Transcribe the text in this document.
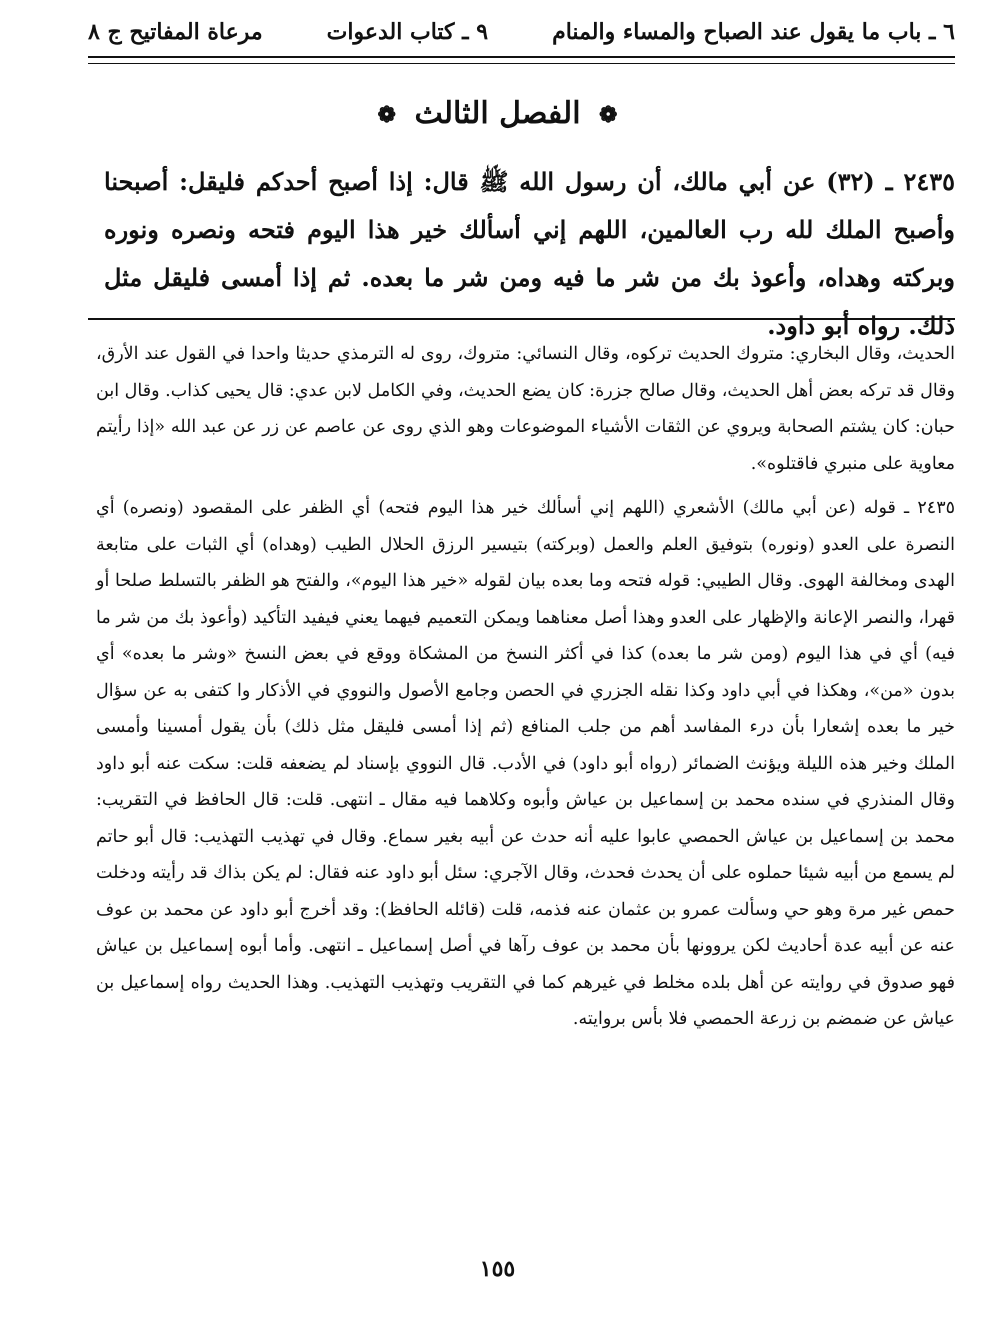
مرعاة المفاتيح ج ٨	٩ ـ كتاب الدعوات	٦ ـ باب ما يقول عند الصباح والمساء والمنام
❁ الفصل الثالث ❁

٢٤٣٥ ـ (٣٢) عن أبي مالك، أن رسول الله ﷺ قال: إذا أصبح أحدكم فليقل: أصبحنا وأصبح الملك لله رب العالمين، اللهم إني أسألك خير هذا اليوم فتحه ونصره ونوره وبركته وهداه، وأعوذ بك من شر ما فيه ومن شر ما بعده. ثم إذا أمسى فليقل مثل ذلك. رواه أبو داود.

الحديث، وقال البخاري: متروك الحديث تركوه، وقال النسائي: متروك، روى له الترمذي حديثا واحدا في القول عند الأرق، وقال قد تركه بعض أهل الحديث، وقال صالح جزرة: كان يضع الحديث، وفي الكامل لابن عدي: قال يحيى كذاب. وقال ابن حبان: كان يشتم الصحابة ويروي عن الثقات الأشياء الموضوعات وهو الذي روى عن عاصم عن زر عن عبد الله «إذا رأيتم معاوية على منبري فاقتلوه».

٢٤٣٥ ـ قوله (عن أبي مالك) الأشعري (اللهم إني أسألك خير هذا اليوم فتحه) أي الظفر على المقصود (ونصره) أي النصرة على العدو (ونوره) بتوفيق العلم والعمل (وبركته) بتيسير الرزق الحلال الطيب (وهداه) أي الثبات على متابعة الهدى ومخالفة الهوى. وقال الطيبي: قوله فتحه وما بعده بيان لقوله «خير هذا اليوم»، والفتح هو الظفر بالتسلط صلحا أو قهرا، والنصر الإعانة والإظهار على العدو وهذا أصل معناهما ويمكن التعميم فيهما يعني فيفيد التأكيد (وأعوذ بك من شر ما فيه) أي في هذا اليوم (ومن شر ما بعده) كذا في أكثر النسخ من المشكاة ووقع في بعض النسخ «وشر ما بعده» أي بدون «من»، وهكذا في أبي داود وكذا نقله الجزري في الحصن وجامع الأصول والنووي في الأذكار وا كتفى به عن سؤال خير ما بعده إشعارا بأن درء المفاسد أهم من جلب المنافع (ثم إذا أمسى فليقل مثل ذلك) بأن يقول أمسينا وأمسى الملك وخير هذه الليلة ويؤنث الضمائر (رواه أبو داود) في الأدب. قال النووي بإسناد لم يضعفه قلت: سكت عنه أبو داود وقال المنذري في سنده محمد بن إسماعيل بن عياش وأبوه وكلاهما فيه مقال ـ انتهى. قلت: قال الحافظ في التقريب: محمد بن إسماعيل بن عياش الحمصي عابوا عليه أنه حدث عن أبيه بغير سماع. وقال في تهذيب التهذيب: قال أبو حاتم لم يسمع من أبيه شيئا حملوه على أن يحدث فحدث، وقال الآجري: سئل أبو داود عنه فقال: لم يكن بذاك قد رأيته ودخلت حمص غير مرة وهو حي وسألت عمرو بن عثمان عنه فذمه، قلت (قائله الحافظ): وقد أخرج أبو داود عن محمد بن عوف عنه عن أبيه عدة أحاديث لكن يروونها بأن محمد بن عوف رآها في أصل إسماعيل ـ انتهى. وأما أبوه إسماعيل بن عياش فهو صدوق في روايته عن أهل بلده مخلط في غيرهم كما في التقريب وتهذيب التهذيب. وهذا الحديث رواه إسماعيل بن عياش عن ضمضم بن زرعة الحمصي فلا بأس بروايته.

١٥٥
